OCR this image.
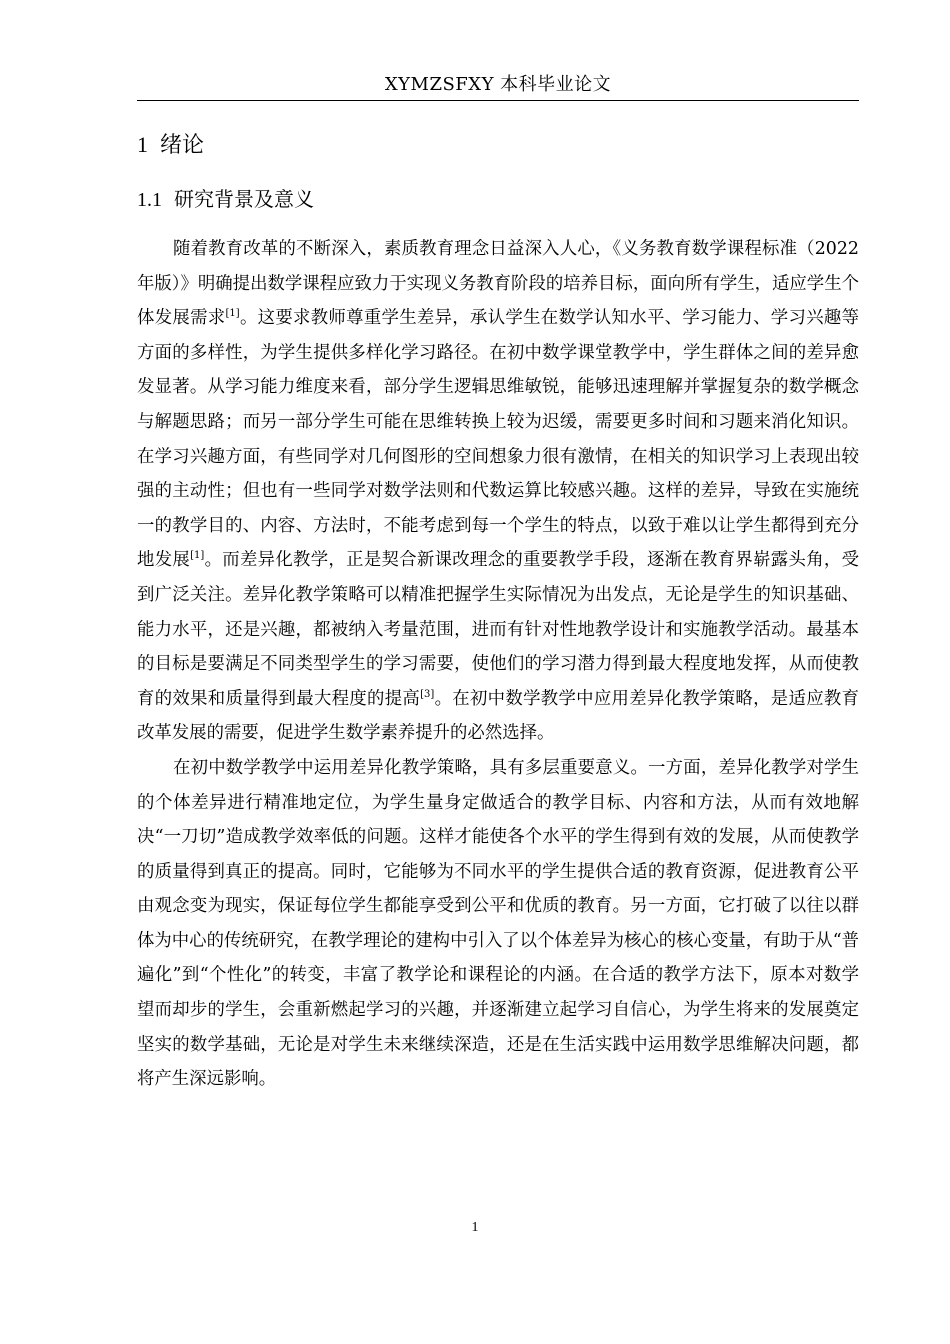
XYMZSFXY 本科毕业论文
1 绪论
1.1 研究背景及意义

随着教育改革的不断深入，素质教育理念日益深入人心，《义务教育数学课程标准（2022年版）》明确提出数学课程应致力于实现义务教育阶段的培养目标，面向所有学生，适应学生个体发展需求[1]。这要求教师尊重学生差异，承认学生在数学认知水平、学习能力、学习兴趣等方面的多样性，为学生提供多样化学习路径。在初中数学课堂教学中，学生群体之间的差异愈发显著。从学习能力维度来看，部分学生逻辑思维敏锐，能够迅速理解并掌握复杂的数学概念与解题思路；而另一部分学生可能在思维转换上较为迟缓，需要更多时间和习题来消化知识。在学习兴趣方面，有些同学对几何图形的空间想象力很有激情，在相关的知识学习上表现出较强的主动性；但也有一些同学对数学法则和代数运算比较感兴趣。这样的差异，导致在实施统一的教学目的、内容、方法时，不能考虑到每一个学生的特点，以致于难以让学生都得到充分地发展[1]。而差异化教学，正是契合新课改理念的重要教学手段，逐渐在教育界崭露头角，受到广泛关注。差异化教学策略可以精准把握学生实际情况为出发点，无论是学生的知识基础、能力水平，还是兴趣，都被纳入考量范围，进而有针对性地教学设计和实施教学活动。最基本的目标是要满足不同类型学生的学习需要，使他们的学习潜力得到最大程度地发挥，从而使教育的效果和质量得到最大程度的提高[3]。在初中数学教学中应用差异化教学策略，是适应教育改革发展的需要，促进学生数学素养提升的必然选择。

在初中数学教学中运用差异化教学策略，具有多层重要意义。一方面，差异化教学对学生的个体差异进行精准地定位，为学生量身定做适合的教学目标、内容和方法，从而有效地解决“一刀切”造成教学效率低的问题。这样才能使各个水平的学生得到有效的发展，从而使教学的质量得到真正的提高。同时，它能够为不同水平的学生提供合适的教育资源，促进教育公平由观念变为现实，保证每位学生都能享受到公平和优质的教育。另一方面，它打破了以往以群体为中心的传统研究，在教学理论的建构中引入了以个体差异为核心的核心变量，有助于从“普遍化”到“个性化”的转变，丰富了教学论和课程论的内涵。在合适的教学方法下，原本对数学望而却步的学生，会重新燃起学习的兴趣，并逐渐建立起学习自信心，为学生将来的发展奠定坚实的数学基础，无论是对学生未来继续深造，还是在生活实践中运用数学思维解决问题，都将产生深远影响。

1
